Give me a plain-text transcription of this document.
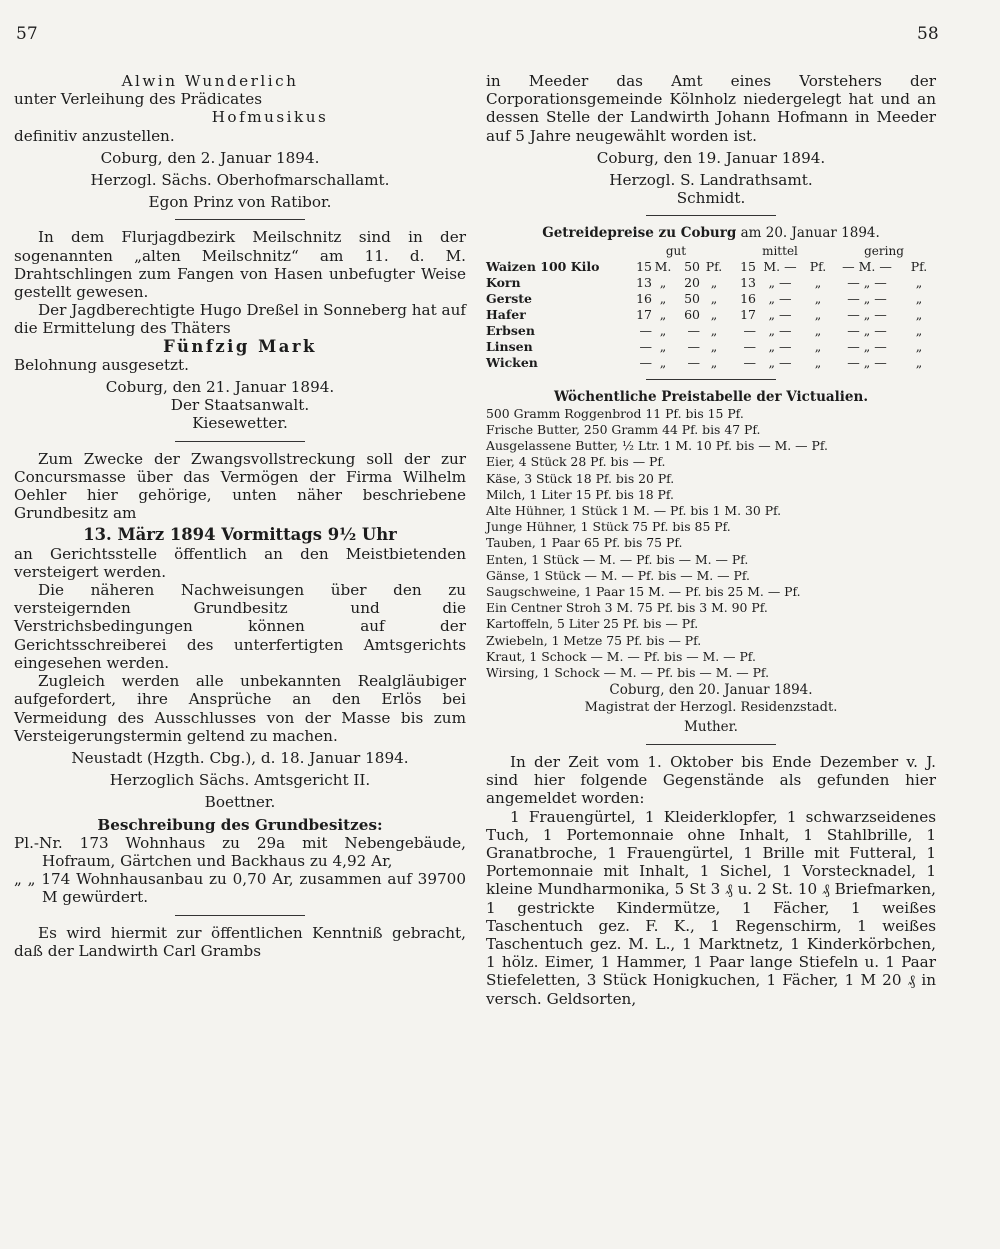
57	58

Alwin Wunderlich

unter Verleihung des Prädicates

Hofmusikus

definitiv anzustellen.

Coburg, den 2. Januar 1894.

Herzogl. Sächs. Oberhofmarschallamt.

Egon Prinz von Ratibor.

In dem Flurjagdbezirk Meilschnitz sind in der sogenannten „alten Meilschnitz“ am 11. d. M. Drahtschlingen zum Fangen von Hasen unbefugter Weise gestellt gewesen.

Der Jagdberechtigte Hugo Dreßel in Sonneberg hat auf die Ermittelung des Thäters

Fünfzig Mark

Belohnung ausgesetzt.

Coburg, den 21. Januar 1894.

Der Staatsanwalt.

Kiesewetter.

Zum Zwecke der Zwangsvollstreckung soll der zur Concursmasse über das Vermögen der Firma Wilhelm Oehler hier gehörige, unten näher beschriebene Grundbesitz am

13. März 1894 Vormittags 9½ Uhr

an Gerichtsstelle öffentlich an den Meistbietenden versteigert werden.

Die näheren Nachweisungen über den zu versteigernden Grundbesitz und die Verstrichsbedingungen können auf der Gerichtsschreiberei des unterfertigten Amtsgerichts eingesehen werden.

Zugleich werden alle unbekannten Realgläubiger aufgefordert, ihre Ansprüche an den Erlös bei Vermeidung des Ausschlusses von der Masse bis zum Versteigerungstermin geltend zu machen.

Neustadt (Hzgth. Cbg.), d. 18. Januar 1894.

Herzoglich Sächs. Amtsgericht II.

Boettner.

Beschreibung des Grundbesitzes:

Pl.-Nr. 173 Wohnhaus zu 29a mit Nebengebäude, Hofraum, Gärtchen und Backhaus zu 4,92 Ar,

„ „ 174 Wohnhausanbau zu 0,70 Ar, zusammen auf 39700 M gewürdert.

Es wird hiermit zur öffentlichen Kenntniß gebracht, daß der Landwirth Carl Grambs

in Meeder das Amt eines Vorstehers der Corporationsgemeinde Kölnholz niedergelegt hat und an dessen Stelle der Landwirth Johann Hofmann in Meeder auf 5 Jahre neugewählt worden ist.

Coburg, den 19. Januar 1894.

Herzogl. S. Landrathsamt.

Schmidt.

Getreidepreise zu Coburg am 20. Januar 1894.

	gut				mittel			gering	
Waizen 100 Kilo	15	M.	50	Pf.	15	M. —	Pf.	— M. —	Pf.
Korn	13	„	20	„	13	„ —	„	— „ —	„
Gerste	16	„	50	„	16	„ —	„	— „ —	„
Hafer	17	„	60	„	17	„ —	„	— „ —	„
Erbsen	—	„	—	„	—	„ —	„	— „ —	„
Linsen	—	„	—	„	—	„ —	„	— „ —	„
Wicken	—	„	—	„	—	„ —	„	— „ —	„

Wöchentliche Preistabelle der Victualien.

500 Gramm Roggenbrod 11 Pf. bis 15 Pf.

Frische Butter, 250 Gramm 44 Pf. bis 47 Pf.

Ausgelassene Butter, ½ Ltr. 1 M. 10 Pf. bis — M. — Pf.

Eier, 4 Stück 28 Pf. bis — Pf.

Käse, 3 Stück 18 Pf. bis 20 Pf.

Milch, 1 Liter 15 Pf. bis 18 Pf.

Alte Hühner, 1 Stück 1 M. — Pf. bis 1 M. 30 Pf.

Junge Hühner, 1 Stück 75 Pf. bis 85 Pf.

Tauben, 1 Paar 65 Pf. bis 75 Pf.

Enten, 1 Stück — M. — Pf. bis — M. — Pf.

Gänse, 1 Stück — M. — Pf. bis — M. — Pf.

Saugschweine, 1 Paar 15 M. — Pf. bis 25 M. — Pf.

Ein Centner Stroh 3 M. 75 Pf. bis 3 M. 90 Pf.

Kartoffeln, 5 Liter 25 Pf. bis — Pf.

Zwiebeln, 1 Metze 75 Pf. bis — Pf.

Kraut, 1 Schock — M. — Pf. bis — M. — Pf.

Wirsing, 1 Schock — M. — Pf. bis — M. — Pf.

Coburg, den 20. Januar 1894.

Magistrat der Herzogl. Residenzstadt.

Muther.

In der Zeit vom 1. Oktober bis Ende Dezember v. J. sind hier folgende Gegenstände als gefunden hier angemeldet worden:

1 Frauengürtel, 1 Kleiderklopfer, 1 schwarzseidenes Tuch, 1 Portemonnaie ohne Inhalt, 1 Stahlbrille, 1 Granatbroche, 1 Frauengürtel, 1 Brille mit Futteral, 1 Portemonnaie mit Inhalt, 1 Sichel, 1 Vorstecknadel, 1 kleine Mundharmonika, 5 St 3 ₰ u. 2 St. 10 ₰ Briefmarken, 1 gestrickte Kindermütze, 1 Fächer, 1 weißes Taschentuch gez. F. K., 1 Regenschirm, 1 weißes Taschentuch gez. M. L., 1 Marktnetz, 1 Kinderkörbchen, 1 hölz. Eimer, 1 Hammer, 1 Paar lange Stiefeln u. 1 Paar Stiefeletten, 3 Stück Honigkuchen, 1 Fächer, 1 M 20 ₰ in versch. Geldsorten,
